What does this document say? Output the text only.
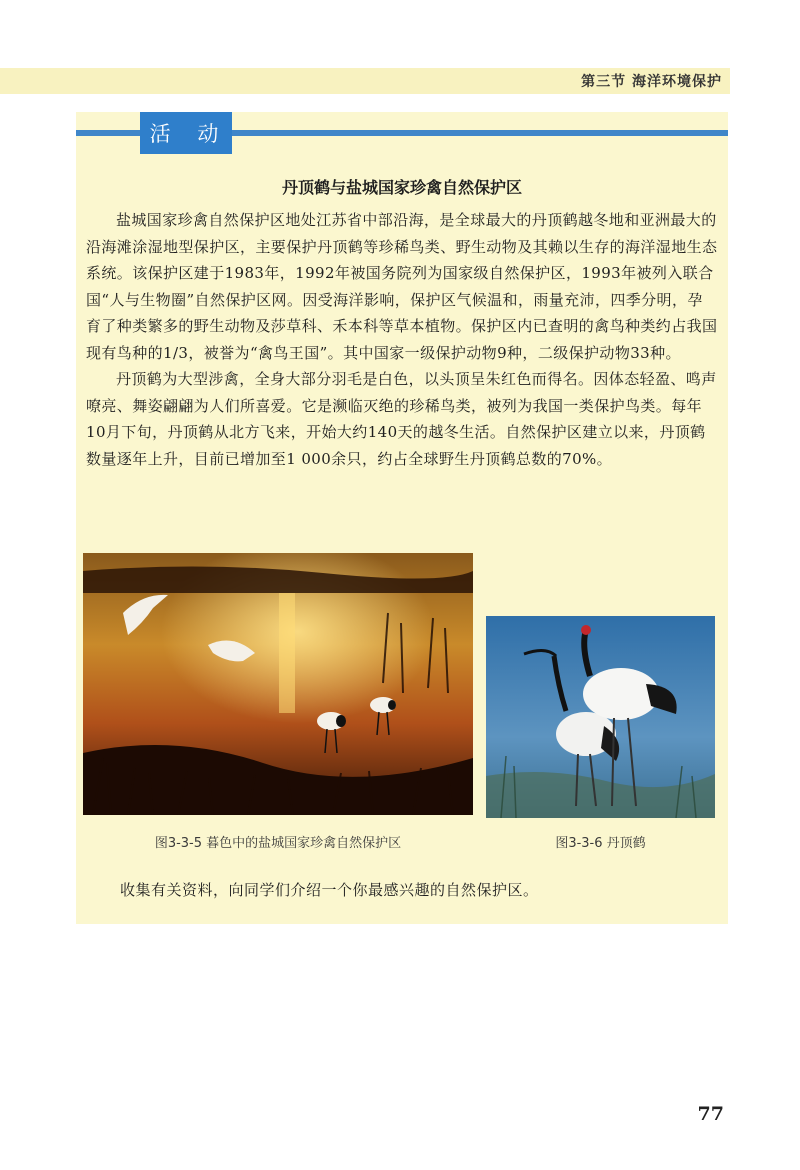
第三节 海洋环境保护
活 动
丹顶鹤与盐城国家珍禽自然保护区

盐城国家珍禽自然保护区地处江苏省中部沿海，是全球最大的丹顶鹤越冬地和亚洲最大的沿海滩涂湿地型保护区，主要保护丹顶鹤等珍稀鸟类、野生动物及其赖以生存的海洋湿地生态系统。该保护区建于1983年，1992年被国务院列为国家级自然保护区，1993年被列入联合国“人与生物圈”自然保护区网。因受海洋影响，保护区气候温和，雨量充沛，四季分明，孕育了种类繁多的野生动物及莎草科、禾本科等草本植物。保护区内已查明的禽鸟种类约占我国现有鸟种的1/3，被誉为“禽鸟王国”。其中国家一级保护动物9种，二级保护动物33种。

丹顶鹤为大型涉禽，全身大部分羽毛是白色，以头顶呈朱红色而得名。因体态轻盈、鸣声嘹亮、舞姿翩翩为人们所喜爱。它是濒临灭绝的珍稀鸟类，被列为我国一类保护鸟类。每年10月下旬，丹顶鹤从北方飞来，开始大约140天的越冬生活。自然保护区建立以来，丹顶鹤数量逐年上升，目前已增加至1 000余只，约占全球野生丹顶鹤总数的70%。

图3-3-5 暮色中的盐城国家珍禽自然保护区	图3-3-6 丹顶鹤
收集有关资料，向同学们介绍一个你最感兴趣的自然保护区。
77
